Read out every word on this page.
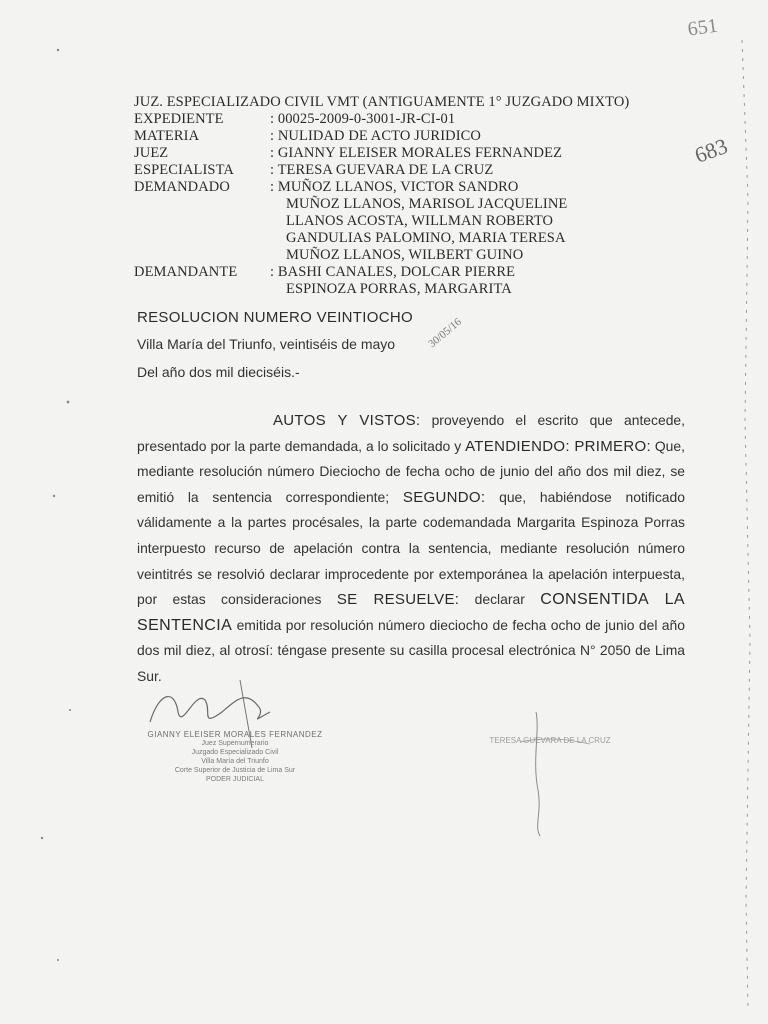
JUZ. ESPECIALIZADO CIVIL VMT (ANTIGUAMENTE 1° JUZGADO MIXTO)
EXPEDIENTE	: 00025-2009-0-3001-JR-CI-01
MATERIA	: NULIDAD DE ACTO JURIDICO
JUEZ	: GIANNY ELEISER MORALES FERNANDEZ
ESPECIALISTA	: TERESA GUEVARA DE LA CRUZ
DEMANDADO	: MUÑOZ LLANOS, VICTOR SANDRO
MUÑOZ LLANOS, MARISOL JACQUELINE
LLANOS ACOSTA, WILLMAN ROBERTO
GANDULIAS PALOMINO, MARIA TERESA
MUÑOZ LLANOS, WILBERT GUINO
DEMANDANTE	: BASHI CANALES, DOLCAR PIERRE
ESPINOZA PORRAS, MARGARITA
RESOLUCION NUMERO VEINTIOCHO
Villa María del Triunfo, veintiséis de mayo
Del año dos mil dieciséis.-
AUTOS Y VISTOS: proveyendo el escrito que antecede, presentado por la parte demandada, a lo solicitado y ATENDIENDO: PRIMERO: Que, mediante resolución número Dieciocho de fecha ocho de junio del año dos mil diez, se emitió la sentencia correspondiente; SEGUNDO: que, habiéndose notificado válidamente a la partes procésales, la parte codemandada Margarita Espinoza Porras interpuesto recurso de apelación contra la sentencia, mediante resolución número veintitrés se resolvió declarar improcedente por extemporánea la apelación interpuesta, por estas consideraciones SE RESUELVE: declarar CONSENTIDA LA SENTENCIA emitida por resolución número dieciocho de fecha ocho de junio del año dos mil diez, al otrosí: téngase presente su casilla procesal electrónica N° 2050 de Lima Sur.
GIANNY ELEISER MORALES FERNANDEZ
Juez Supernumerario
Juzgado Especializado Civil
Villa María del Triunfo
Corte Superior de Justicia de Lima Sur
PODER JUDICIAL
TERESA GUEVARA DE LA CRUZ
651
683
30/05/16
